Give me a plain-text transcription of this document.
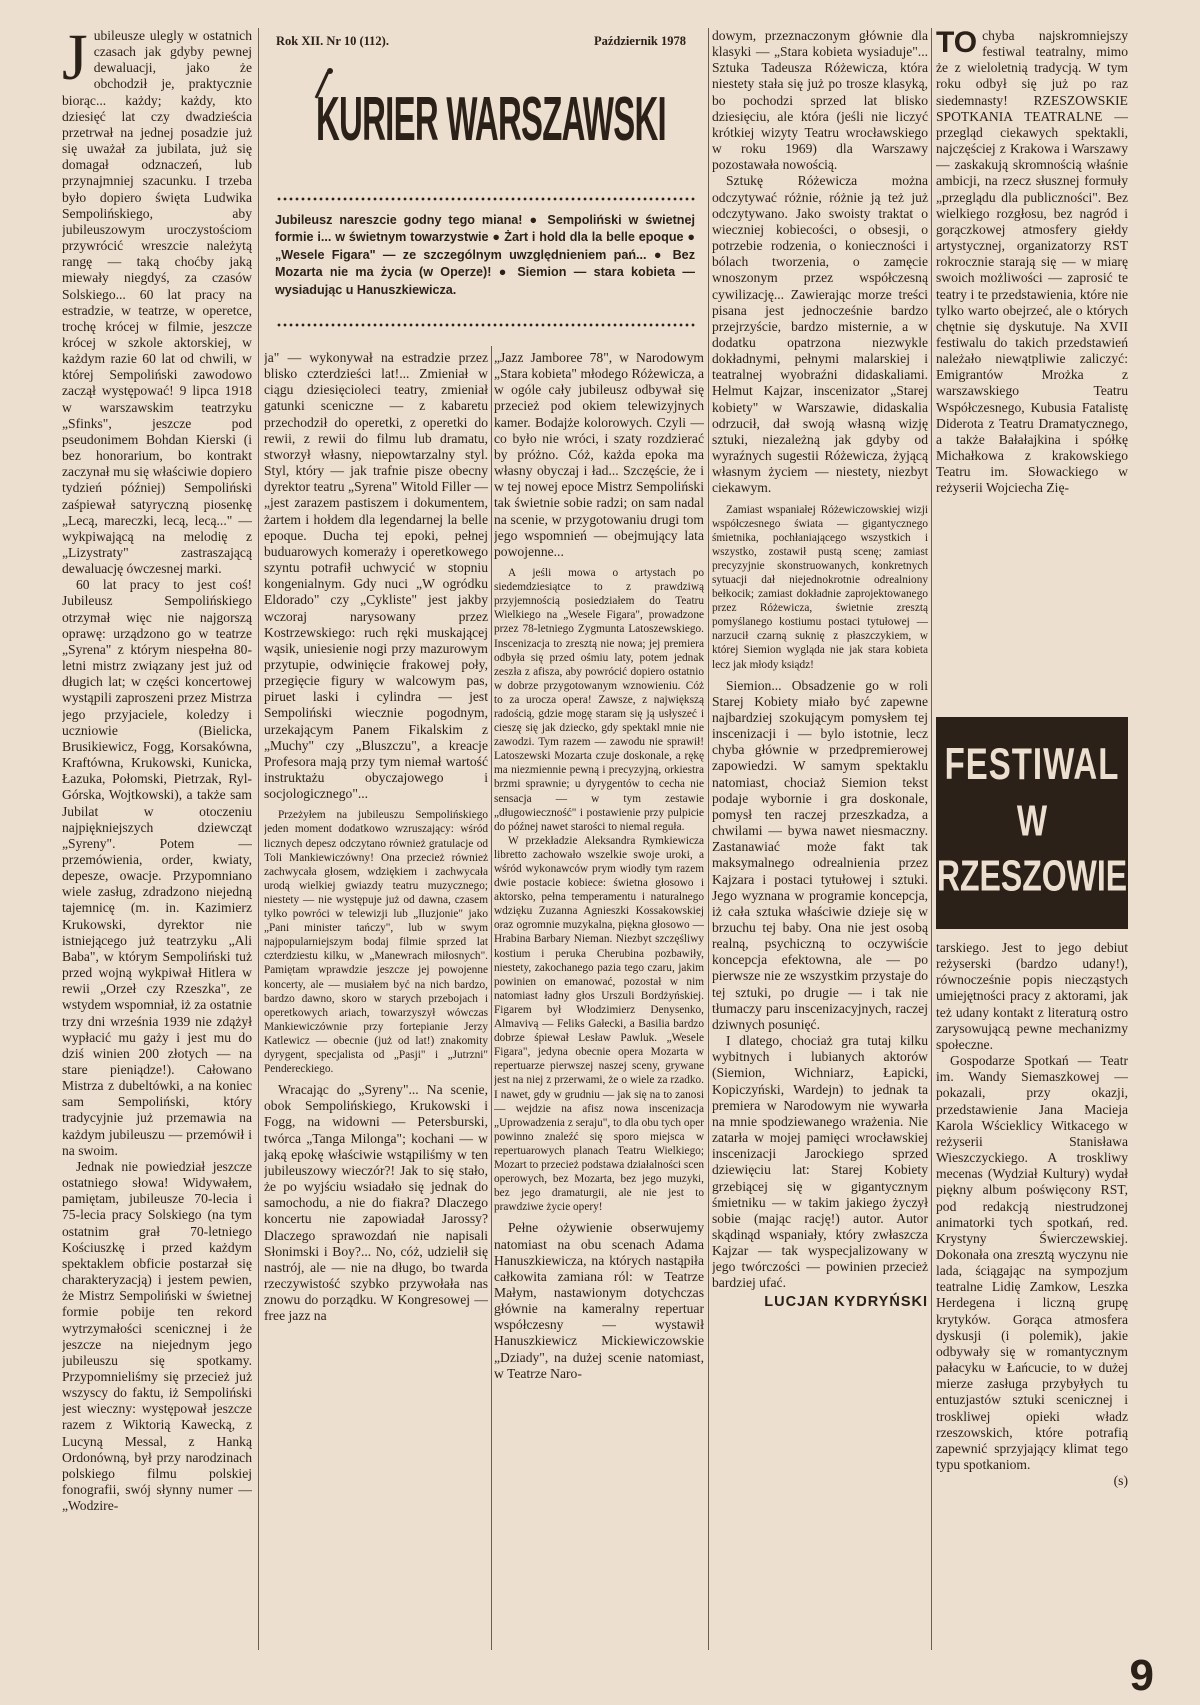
Rok XII. Nr 10 (112).	Październik 1978
KURIER WARSZAWSKI
Jubileusz nareszcie godny tego miana! ● Sempoliński w świetnej formie i... w świetnym towarzystwie ● Żart i hold dla la belle epoque ● „Wesele Figara" — ze szczególnym uwzględnieniem pań... ● Bez Mozarta nie ma życia (w Operze)! ● Siemion — stara kobieta — wysiadując u Hanuszkiewicza.
J ubileusze ulegly w ostatnich czasach jak gdyby pewnej dewaluacji, jako że obchodził je, praktycznie biorąc... każdy; każdy, kto dziesięć lat czy dwadzieścia przetrwał na jednej posadzie już się uważał za jubilata, już się domagał odznaczeń, lub przynajmniej szacunku. I trzeba było dopiero święta Ludwika Sempolińskiego, aby jubileuszowym uroczystościom przywrócić wreszcie należytą rangę — taką choćby jaką miewały niegdyś, za czasów Solskiego... 60 lat pracy na estradzie, w teatrze, w operetce, trochę krócej w filmie, jeszcze krócej w szkole aktorskiej, w każdym razie 60 lat od chwili, w której Sempoliński zawodowo zaczął występować! 9 lipca 1918 w warszawskim teatrzyku „Sfinks", jeszcze pod pseudonimem Bohdan Kierski (i bez honorarium, bo kontrakt zaczynał mu się właściwie dopiero tydzień później) Sempoliński zaśpiewał satyryczną piosenkę „Lecą, mareczki, lecą, lecą..." — wykpiwającą na melodię z „Lizystraty" zastraszającą dewaluację ówczesnej marki.

60 lat pracy to jest coś! Jubileusz Sempolińskiego otrzymał więc nie najgorszą oprawę: urządzono go w teatrze „Syrena" z którym niespełna 80-letni mistrz związany jest już od długich lat; w części koncertowej wystąpili zaproszeni przez Mistrza jego przyjaciele, koledzy i uczniowie (Bielicka, Brusikiewicz, Fogg, Korsakówna, Kraftówna, Krukowski, Kunicka, Łazuka, Połomski, Pietrzak, Ryl-Górska, Wojtkowski), a także sam Jubilat w otoczeniu najpiękniejszych dziewcząt „Syreny". Potem — przemówienia, order, kwiaty, depesze, owacje. Przypomniano wiele zasług, zdradzono niejedną tajemnicę (m. in. Kazimierz Krukowski, dyrektor nie istniejącego już teatrzyku „Ali Baba", w którym Sempoliński tuż przed wojną wykpiwał Hitlera w rewii „Orzeł czy Rzeszka", ze wstydem wspomniał, iż za ostatnie trzy dni września 1939 nie zdążył wypłacić mu gaży i jest mu do dziś winien 200 złotych — na stare pieniądze!). Całowano Mistrza z dubeltówki, a na koniec sam Sempoliński, który tradycyjnie już przemawia na każdym jubileuszu — przemówił i na swoim.

Jednak nie powiedział jeszcze ostatniego słowa! Widywałem, pamiętam, jubileusze 70-lecia i 75-lecia pracy Solskiego (na tym ostatnim grał 70-letniego Kościuszkę i przed każdym spektaklem obficie postarzał się charakteryzacją) i jestem pewien, że Mistrz Sempoliński w świetnej formie pobije ten rekord wytrzymałości scenicznej i że jeszcze na niejednym jego jubileuszu się spotkamy. Przypomnieliśmy się przecież już wszyscy do faktu, iż Sempoliński jest wieczny: występował jeszcze razem z Wiktorią Kawecką, z Lucyną Messal, z Hanką Ordonówną, był przy narodzinach polskiego filmu polskiej fonografii, swój słynny numer — „Wodzire-

ja" — wykonywał na estradzie przez blisko czterdzieści lat!... Zmieniał w ciągu dziesięcioleci teatry, zmieniał gatunki sceniczne — z kabaretu przechodził do operetki, z operetki do rewii, z rewii do filmu lub dramatu, stworzył własny, niepowtarzalny styl. Styl, który — jak trafnie pisze obecny dyrektor teatru „Syrena" Witold Filler — „jest zarazem pastiszem i dokumentem, żartem i hołdem dla legendarnej la belle epoque. Ducha tej epoki, pełnej buduarowych komeraży i operetkowego szyntu potrafił uchwycić w stopniu kongenialnym. Gdy nuci „W ogródku Eldorado" czy „Cykliste" jest jakby wczoraj narysowany przez Kostrzewskiego: ruch ręki muskającej wąsik, uniesienie nogi przy mazurowym przytupie, odwinięcie frakowej poły, przegięcie figury w walcowym pas, piruet laski i cylindra — jest Sempoliński wiecznie pogodnym, urzekającym Panem Fikalskim z „Muchy" czy „Bluszczu", a kreacje Profesora mają przy tym niemał wartość instruktażu obyczajowego i socjologicznego"...

Przeżyłem na jubileuszu Sempolińskiego jeden moment dodatkowo wzruszający: wśród licznych depesz odczytano również gratulacje od Toli Mankiewiczówny! Ona przecież również zachwycała głosem, wdziękiem i zachwycała urodą wielkiej gwiazdy teatru muzycznego; niestety — nie występuje już od dawna, czasem tylko powróci w telewizji lub „Iluzjonie" jako „Pani minister tańczy", lub w swym najpopularniejszym bodaj filmie sprzed lat czterdziestu kilku, w „Manewrach miłosnych". Pamiętam wprawdzie jeszcze jej powojenne koncerty, ale — musiałem być na nich bardzo, bardzo dawno, skoro w starych przebojach i operetkowych ariach, towarzyszył wówczas Mankiewiczównie przy fortepianie Jerzy Katlewicz — obecnie (już od lat!) znakomity dyrygent, specjalista od „Pasji" i „Jutrzni" Pendereckiego.

Wracając do „Syreny"... Na scenie, obok Sempolińskiego, Krukowski i Fogg, na widowni — Petersburski, twórca „Tanga Milonga"; kochani — w jaką epokę właściwie wstąpiliśmy w ten jubileuszowy wieczór?! Jak to się stało, że po wyjściu wsiadało się jednak do samochodu, a nie do fiakra? Dlaczego koncertu nie zapowiadał Jarossy? Dlaczego sprawozdań nie napisali Słonimski i Boy?... No, cóż, udzielił się nastrój, ale — nie na długo, bo twarda rzeczywistość szybko przywołała nas znowu do porządku. W Kongresowej — free jazz na

„Jazz Jamboree 78", w Narodowym „Stara kobieta" młodego Różewicza, a w ogóle cały jubileusz odbywał się przecież pod okiem telewizyjnych kamer. Bodajże kolorowych. Czyli — co było nie wróci, i szaty rozdzierać by próżno. Cóż, każda epoka ma własny obyczaj i ład... Szczęście, że i w tej nowej epoce Mistrz Sempoliński tak świetnie sobie radzi; on sam nadal na scenie, w przygotowaniu drugi tom jego wspomnień — obejmujący lata powojenne...

A jeśli mowa o artystach po siedemdziesiątce to z prawdziwą przyjemnością posiedziałem do Teatru Wielkiego na „Wesele Figara", prowadzone przez 78-letniego Zygmunta Latoszewskiego. Inscenizacja to zresztą nie nowa; jej premiera odbyła się przed ośmiu laty, potem jednak zeszła z afisza, aby powrócić dopiero ostatnio w dobrze przygotowanym wznowieniu. Cóż to za urocza opera! Zawsze, z największą radością, gdzie mogę staram się ją usłyszeć i cieszę się jak dziecko, gdy spektakl mnie nie zawodzi. Tym razem — zawodu nie sprawił! Latoszewski Mozarta czuje doskonale, a rękę ma niezmiennie pewną i precyzyjną, orkiestra brzmi sprawnie; u dyrygentów to cecha nie sensacja — w tym zestawie „długowieczność" i postawienie przy pulpicie do późnej nawet starości to niemal reguła.

W przekładzie Aleksandra Rymkiewicza libretto zachowało wszelkie swoje uroki, a wśród wykonawców prym wiodły tym razem dwie postacie kobiece: świetna głosowo i aktorsko, pełna temperamentu i naturalnego wdzięku Zuzanna Agnieszki Kossakowskiej oraz ogromnie muzykalna, piękna głosowo — Hrabina Barbary Nieman. Niezbyt szczęśliwy kostium i peruka Cherubina pozbawiły, niestety, zakochanego pazia tego czaru, jakim powinien on emanować, pozostał w nim natomiast ładny głos Urszuli Bordżyńskiej. Figarem był Włodzimierz Denysenko, Almavivą — Feliks Gałecki, a Basilia bardzo dobrze śpiewał Lesław Pawluk. „Wesele Figara", jedyna obecnie opera Mozarta w repertuarze pierwszej naszej sceny, grywane jest na niej z przerwami, że o wiele za rzadko. I nawet, gdy w grudniu — jak się na to zanosi — wejdzie na afisz nowa inscenizacja „Uprowadzenia z seraju", to dla obu tych oper powinno znaleźć się sporo miejsca w repertuarowych planach Teatru Wielkiego; Mozart to przecież podstawa działalności scen operowych, bez Mozarta, bez jego muzyki, bez jego dramaturgii, ale nie jest to prawdziwe życie opery!

Pełne ożywienie obserwujemy natomiast na obu scenach Adama Hanuszkiewicza, na których nastąpiła całkowita zamiana ról: w Teatrze Małym, nastawionym dotychczas głównie na kameralny repertuar współczesny — wystawił Hanuszkiewicz Mickiewiczowskie „Dziady", na dużej scenie natomiast, w Teatrze Naro-

dowym, przeznaczonym głównie dla klasyki — „Stara kobieta wysiaduje"... Sztuka Tadeusza Różewicza, która niestety stała się już po trosze klasyką, bo pochodzi sprzed lat blisko dziesięciu, ale która (jeśli nie liczyć krótkiej wizyty Teatru wrocławskiego w roku 1969) dla Warszawy pozostawała nowością.

Sztukę Różewicza można odczytywać różnie, różnie ją też już odczytywano. Jako swoisty traktat o wieczniej kobiecości, o obsesji, o potrzebie rodzenia, o konieczności i bólach tworzenia, o zamęcie wnoszonym przez współczesną cywilizację... Zawierając morze treści pisana jest jednocześnie bardzo przejrzyście, bardzo misternie, a w dodatku opatrzona niezwykle dokładnymi, pełnymi malarskiej i teatralnej wyobraźni didaskaliami. Helmut Kajzar, inscenizator „Starej kobiety" w Warszawie, didaskalia odrzucił, dał swoją własną wizję sztuki, niezależną jak gdyby od wyraźnych sugestii Różewicza, żyjącą własnym życiem — niestety, niezbyt ciekawym.

Zamiast wspaniałej Różewiczowskiej wizji współczesnego świata — gigantycznego śmietnika, pochłaniającego wszystkich i wszystko, zostawił pustą scenę; zamiast precyzyjnie skonstruowanych, konkretnych sytuacji dał niejednokrotnie odrealniony bełkocik; zamiast dokładnie zaprojektowanego przez Różewicza, świetnie zresztą pomyślanego kostiumu postaci tytułowej — narzucił czarną suknię z płaszczykiem, w której Siemion wygląda nie jak stara kobieta lecz jak młody ksiądz!

Siemion... Obsadzenie go w roli Starej Kobiety miało być zapewne najbardziej szokującym pomysłem tej inscenizacji i — bylo istotnie, lecz chyba głównie w przedpremierowej zapowiedzi. W samym spektaklu natomiast, chociaż Siemion tekst podaje wybornie i gra doskonale, pomysł ten raczej przeszkadza, a chwilami — bywa nawet niesmaczny. Zastanawiać może fakt tak maksymalnego odrealnienia przez Kajzara i postaci tytułowej i sztuki. Jego wyznana w programie koncepcja, iż cała sztuka właściwie dzieje się w brzuchu tej baby. Ona nie jest osobą realną, psychiczną to oczywiście koncepcja efektowna, ale — po pierwsze nie ze wszystkim przystaje do tej sztuki, po drugie — i tak nie tłumaczy paru inscenizacyjnych, raczej dziwnych posunięć.

I dlatego, chociaż gra tutaj kilku wybitnych i lubianych aktorów (Siemion, Wichniarz, Łapicki, Kopiczyński, Wardejn) to jednak ta premiera w Narodowym nie wywarła na mnie spodziewanego wrażenia. Nie zatarła w mojej pamięci wrocławskiej inscenizacji Jarockiego sprzed dziewięciu lat: Starej Kobiety grzebiącej się w gigantycznym śmietniku — w takim jakiego życzył sobie (mając rację!) autor. Autor skądinąd wspaniały, który zwłaszcza Kajzar — tak wyspecjalizowany w jego twórczości — powinien przecież bardziej ufać.

LUCJAN KYDRYŃSKI

TO chyba najskromniejszy festiwal teatralny, mimo że z wieloletnią tradycją. W tym roku odbył się już po raz siedemnasty! RZESZOWSKIE SPOTKANIA TEATRALNE — przegląd ciekawych spektakli, najczęściej z Krakowa i Warszawy — zaskakują skromnością właśnie ambicji, na rzecz słusznej formuły „przeglądu dla publiczności". Bez wielkiego rozgłosu, bez nagród i gorączkowej atmosfery giełdy artystycznej, organizatorzy RST rokrocznie starają się — w miarę swoich możliwości — zaprosić te teatry i te przedstawienia, które nie tylko warto obejrzeć, ale o których chętnie się dyskutuje. Na XVII festiwalu do takich przedstawień należało niewątpliwie zaliczyć: Emigrantów Mrożka z warszawskiego Teatru Współczesnego, Kubusia Fatalistę Diderota z Teatru Dramatycznego, a także Bałałajkina i spółkę Michałkowa z krakowskiego Teatru im. Słowackiego w reżyserii Wojciecha Zię-

FESTIWAL
W
RZESZOWIE

tarskiego. Jest to jego debiut reżyserski (bardzo udany!), równocześnie popis niecząstych umiejętności pracy z aktorami, jak też udany kontakt z literaturą ostro zarysowującą pewne mechanizmy społeczne.

Gospodarze Spotkań — Teatr im. Wandy Siemaszkowej — pokazali, przy okazji, przedstawienie Jana Macieja Karola Wścieklicy Witkacego w reżyserii Stanisława Wieszczyckiego. A troskliwy mecenas (Wydział Kultury) wydał piękny album poświęcony RST, pod redakcją niestrudzonej animatorki tych spotkań, red. Krystyny Świerczewskiej. Dokonała ona zresztą wyczynu nie lada, ściągając na sympozjum teatralne Lidię Zamkow, Leszka Herdegena i liczną grupę krytyków. Gorąca atmosfera dyskusji (i polemik), jakie odbywały się w romantycznym pałacyku w Łańcucie, to w dużej mierze zasługa przybyłych tu entuzjastów sztuki scenicznej i troskliwej opieki władz rzeszowskich, które potrafią zapewnić sprzyjający klimat tego typu spotkaniom.

(s)

9
